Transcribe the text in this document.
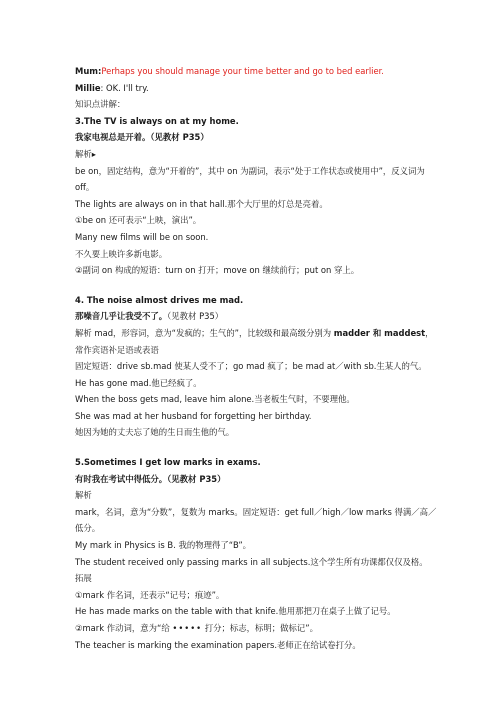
Mum:Perhaps you should manage your time better and go to bed earlier.

Millie: OK. I'll try.

知识点讲解：

3.The TV is always on at my home.

我家电视总是开着。（见教材 P35）

解析▸

be on，固定结构，意为“开着的”，其中 on 为副词，表示“处于工作状态或使用中”，反义词为 off。

The lights are always on in that hall.那个大厅里的灯总是亮着。

①be on 还可表示“上映，演出”。

Many new films will be on soon.

不久要上映许多新电影。

②副词 on 构成的短语：turn on 打开；move on 继续前行；put on 穿上。

4. The noise almost drives me mad.

那噪音几乎让我受不了。（见教材 P35）

解析 mad，形容词，意为“发疯的；生气的”，比较级和最高级分别为 madder 和 maddest，常作宾语补足语或表语

固定短语：drive sb.mad 使某人受不了；go mad 疯了；be mad at／with sb.生某人的气。

He has gone mad.他已经疯了。

When the boss gets mad, leave him alone.当老板生气时，不要理他。

She was mad at her husband for forgetting her birthday.

她因为她的丈夫忘了她的生日而生他的气。

5.Sometimes I get low marks in exams.

有时我在考试中得低分。（见教材 P35）

解析

mark，名词，意为“分数”，复数为 marks。固定短语：get full／high／low marks 得满／高／低分。

My mark in Physics is B. 我的物理得了“B”。

The student received only passing marks in all subjects.这个学生所有功课都仅仅及格。

拓展

①mark 作名词，还表示“记号；痕迹”。

He has made marks on the table with that knife.他用那把刀在桌子上做了记号。

②mark 作动词，意为“给 ••••• 打分；标志，标明；做标记”。

The teacher is marking the examination papers.老师正在给试卷打分。
